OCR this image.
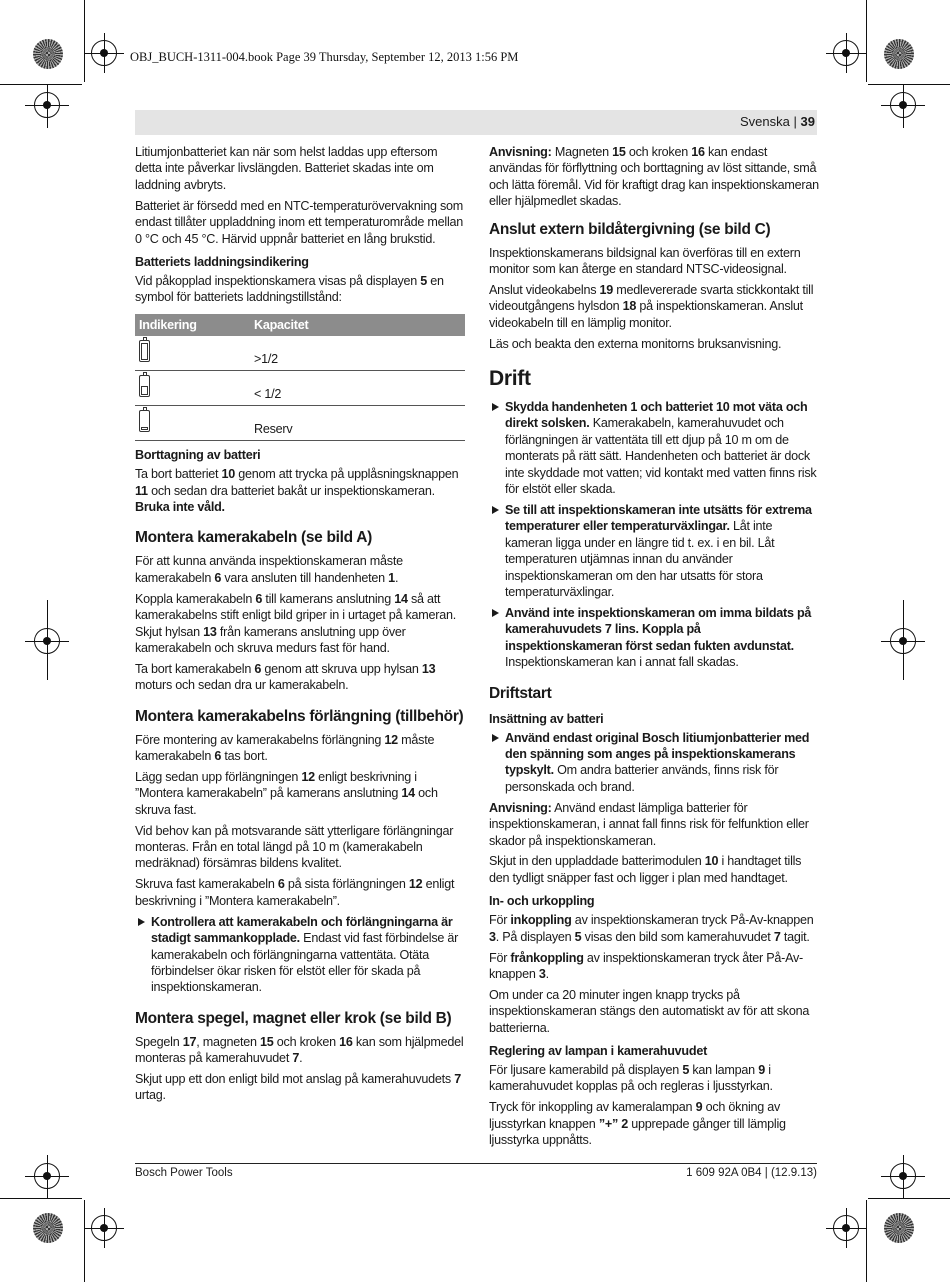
OBJ_BUCH-1311-004.book Page 39 Thursday, September 12, 2013 1:56 PM
Svenska | 39

Litiumjonbatteriet kan när som helst laddas upp eftersom detta inte påverkar livslängden. Batteriet skadas inte om laddning avbryts.

Batteriet är försedd med en NTC-temperaturövervakning som endast tillåter uppladdning inom ett temperaturområde mellan 0 °C och 45 °C. Härvid uppnår batteriet en lång brukstid.

Batteriets laddningsindikering

Vid påkopplad inspektionskamera visas på displayen 5 en symbol för batteriets laddningstillstånd:

Indikering	Kapacitet

	>1/2

	< 1/2

	Reserv
Borttagning av batteri

Ta bort batteriet 10 genom att trycka på upplåsningsknappen 11 och sedan dra batteriet bakåt ur inspektionskameran. Bruka inte våld.

Montera kamerakabeln (se bild A)

För att kunna använda inspektionskameran måste kamerakabeln 6 vara ansluten till handenheten 1.

Koppla kamerakabeln 6 till kamerans anslutning 14 så att kamerakabelns stift enligt bild griper in i urtaget på kameran. Skjut hylsan 13 från kamerans anslutning upp över kamerakabeln och skruva medurs fast för hand.

Ta bort kamerakabeln 6 genom att skruva upp hylsan 13 moturs och sedan dra ur kamerakabeln.

Montera kamerakabelns förlängning (tillbehör)

Före montering av kamerakabelns förlängning 12 måste kamerakabeln 6 tas bort.

Lägg sedan upp förlängningen 12 enligt beskrivning i ”Montera kamerakabeln” på kamerans anslutning 14 och skruva fast.

Vid behov kan på motsvarande sätt ytterligare förlängningar monteras. Från en total längd på 10 m (kamerakabeln medräknad) försämras bildens kvalitet.

Skruva fast kamerakabeln 6 på sista förlängningen 12 enligt beskrivning i ”Montera kamerakabeln”.

Kontrollera att kamerakabeln och förlängningarna är stadigt sammankopplade. Endast vid fast förbindelse är kamerakabeln och förlängningarna vattentäta. Otäta förbindelser ökar risken för elstöt eller för skada på inspektionskameran.
Montera spegel, magnet eller krok (se bild B)

Spegeln 17, magneten 15 och kroken 16 kan som hjälpmedel monteras på kamerahuvudet 7.

Skjut upp ett don enligt bild mot anslag på kamerahuvudets 7 urtag.

Anvisning: Magneten 15 och kroken 16 kan endast användas för förflyttning och borttagning av löst sittande, små och lätta föremål. Vid för kraftigt drag kan inspektionskameran eller hjälpmedlet skadas.

Anslut extern bildåtergivning (se bild C)

Inspektionskamerans bildsignal kan överföras till en extern monitor som kan återge en standard NTSC-videosignal.

Anslut videokabelns 19 medlevererade svarta stickkontakt till videoutgångens hylsdon 18 på inspektionskameran. Anslut videokabeln till en lämplig monitor.

Läs och beakta den externa monitorns bruksanvisning.

Drift
Skydda handenheten 1 och batteriet 10 mot väta och direkt solsken. Kamerakabeln, kamerahuvudet och förlängningen är vattentäta till ett djup på 10 m om de monterats på rätt sätt. Handenheten och batteriet är dock inte skyddade mot vatten; vid kontakt med vatten finns risk för elstöt eller skada.
Se till att inspektionskameran inte utsätts för extrema temperaturer eller temperaturväxlingar. Låt inte kameran ligga under en längre tid t. ex. i en bil. Låt temperaturen utjämnas innan du använder inspektionskameran om den har utsatts för stora temperaturväxlingar.
Använd inte inspektionskameran om imma bildats på kamerahuvudets 7 lins. Koppla på inspektionskameran först sedan fukten avdunstat. Inspektionskameran kan i annat fall skadas.
Driftstart
Insättning av batteri
Använd endast original Bosch litiumjonbatterier med den spänning som anges på inspektionskamerans typskylt. Om andra batterier används, finns risk för personskada och brand.

Anvisning: Använd endast lämpliga batterier för inspektionskameran, i annat fall finns risk för felfunktion eller skador på inspektionskameran.

Skjut in den uppladdade batterimodulen 10 i handtaget tills den tydligt snäpper fast och ligger i plan med handtaget.

In- och urkoppling

För inkoppling av inspektionskameran tryck På-Av-knappen 3. På displayen 5 visas den bild som kamerahuvudet 7 tagit.

För frånkoppling av inspektionskameran tryck åter På-Av-knappen 3.

Om under ca 20 minuter ingen knapp trycks på inspektionskameran stängs den automatiskt av för att skona batterierna.

Reglering av lampan i kamerahuvudet

För ljusare kamerabild på displayen 5 kan lampan 9 i kamerahuvudet kopplas på och regleras i ljusstyrkan.

Tryck för inkoppling av kameralampan 9 och ökning av ljusstyrkan knappen ”+” 2 upprepade gånger till lämplig ljusstyrka uppnåtts.

Bosch Power Tools	1 609 92A 0B4 | (12.9.13)
